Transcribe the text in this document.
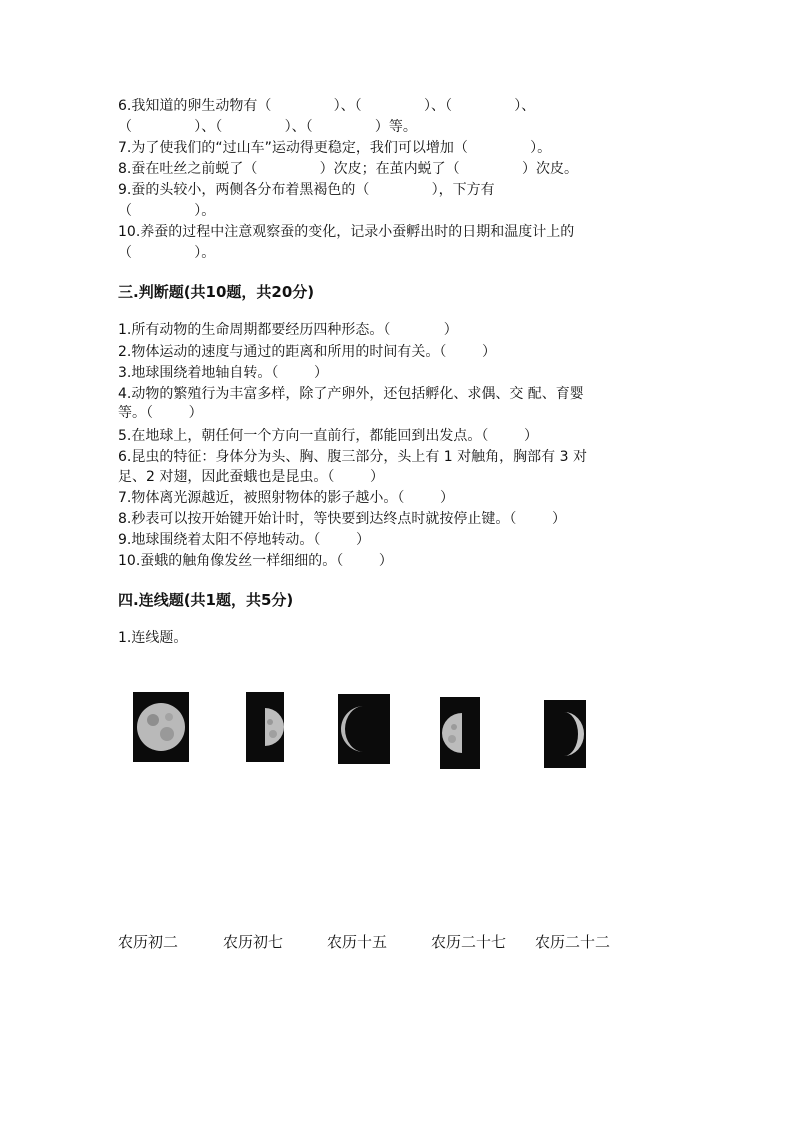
6.我知道的卵生动物有（              ）、（              ）、（              ）、
（              ）、（              ）、（              ）等。
7.为了使我们的“过山车”运动得更稳定，我们可以增加（              ）。
8.蚕在吐丝之前蜕了（              ）次皮；在茧内蜕了（              ）次皮。
9.蚕的头较小，两侧各分布着黑褐色的（              ），下方有
（              ）。
10.养蚕的过程中注意观察蚕的变化，记录小蚕孵出时的日期和温度计上的
（              ）。
三.判断题(共10题，共20分)
1.所有动物的生命周期都要经历四种形态。（            ）
2.物体运动的速度与通过的距离和所用的时间有关。（        ）
3.地球围绕着地轴自转。（        ）
4.动物的繁殖行为丰富多样，除了产卵外，还包括孵化、求偶、交 配、育婴
等。（        ）
5.在地球上，朝任何一个方向一直前行，都能回到出发点。（        ）
6.昆虫的特征：身体分为头、胸、腹三部分，头上有 1 对触角，胸部有 3 对
足、2 对翅，因此蚕蛾也是昆虫。（        ）
7.物体离光源越近，被照射物体的影子越小。（        ）
8.秒表可以按开始键开始计时，等快要到达终点时就按停止键。（        ）
9.地球围绕着太阳不停地转动。（        ）
10.蚕蛾的触角像发丝一样细细的。（        ）
四.连线题(共1题，共5分)
1.连线题。
农历初二	农历初七	农历十五	农历二十七 农历二十二
